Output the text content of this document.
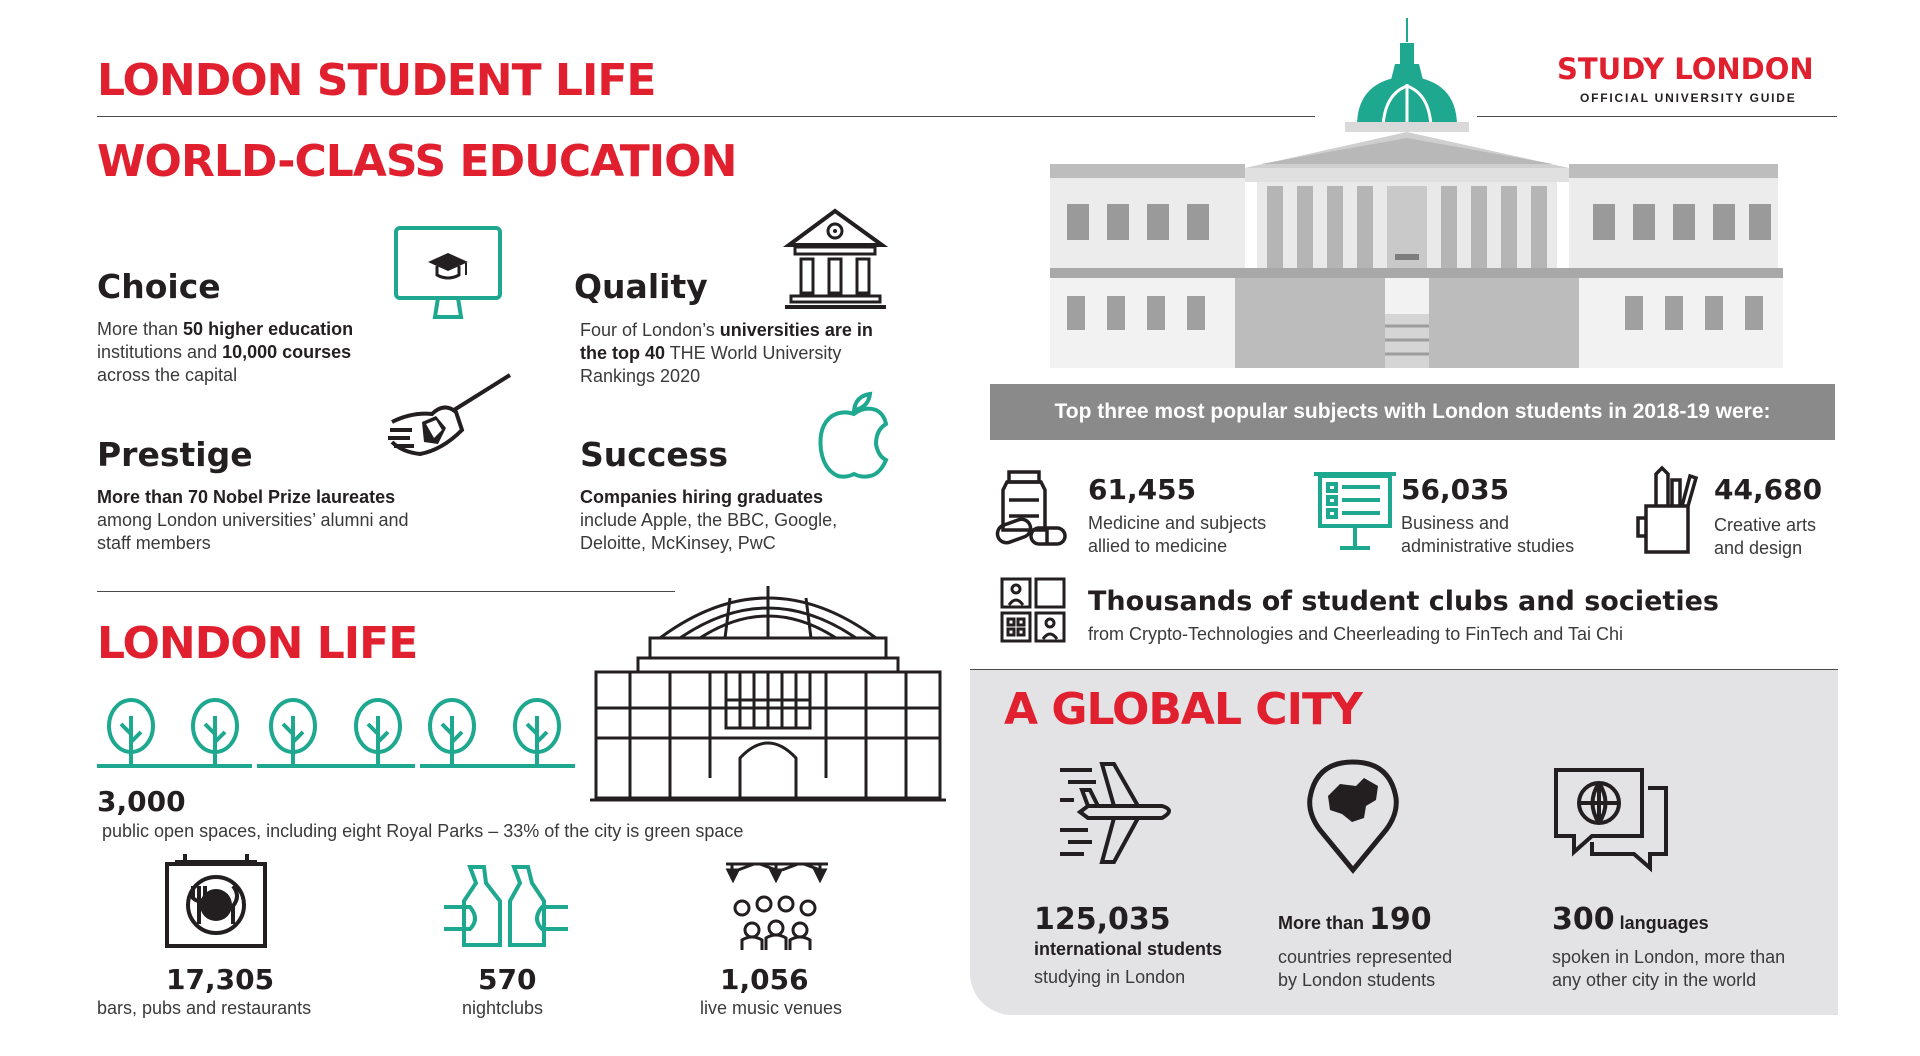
LONDON STUDENT LIFE	STUDY LONDON
OFFICIAL UNIVERSITY GUIDE
WORLD-CLASS EDUCATION
Choice
More than 50 higher education institutions and 10,000 courses across the capital
Quality
Four of London’s universities are in the top 40 THE World University Rankings 2020
Prestige
More than 70 Nobel Prize laureates among London universities’ alumni and staff members
Success
Companies hiring graduates include Apple, the BBC, Google, Deloitte, McKinsey, PwC
LONDON LIFE
3,000
public open spaces, including eight Royal Parks – 33% of the city is green space
17,305
bars, pubs and restaurants
570
nightclubs
1,056
live music venues
Top three most popular subjects with London students in 2018-19 were:
61,455
Medicine and subjects
allied to medicine
56,035
Business and
administrative studies
44,680
Creative arts
and design
Thousands of student clubs and societies
from Crypto-Technologies and Cheerleading to FinTech and Tai Chi
A GLOBAL CITY
125,035
international students
studying in London
More than 190
countries represented
by London students
300 languages
spoken in London, more than
any other city in the world
